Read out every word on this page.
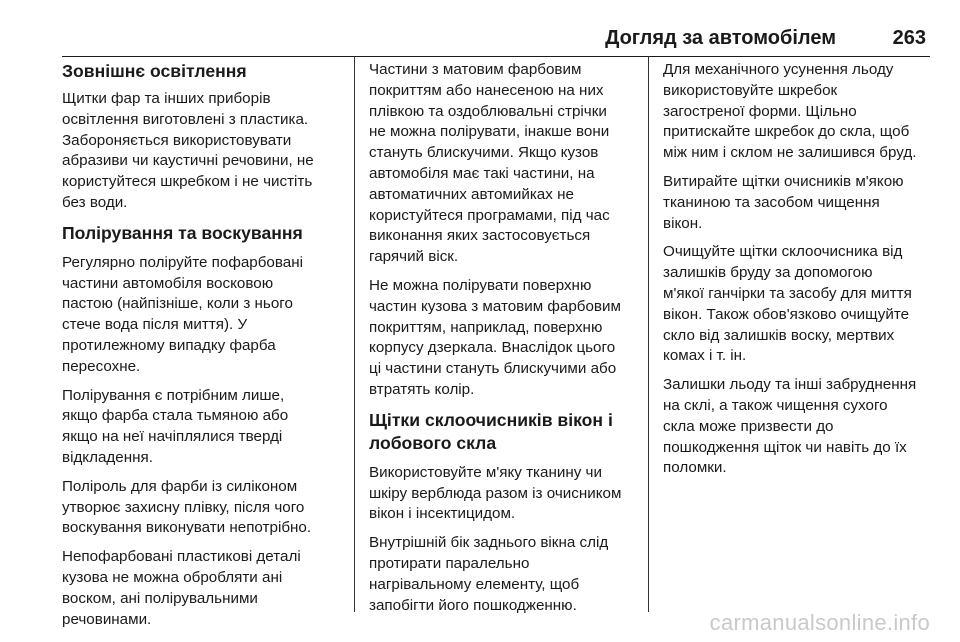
Догляд за автомобілем	263
Зовнішнє освітлення

Щитки фар та інших приборів
освітлення виготовлені з пластика.
Забороняється використовувати
абразиви чи каустичні речовини, не
користуйтеся шкребком і не чистіть
без води.

Полірування та воскування

Регулярно поліруйте пофарбовані
частини автомобіля восковою
пастою (найпізніше, коли з нього
стече вода після миття). У
протилежному випадку фарба
пересохне.

Полірування є потрібним лише,
якщо фарба стала тьмяною або
якщо на неї начіплялися тверді
відкладення.

Поліроль для фарби із силіконом
утворює захисну плівку, після чого
воскування виконувати непотрібно.

Непофарбовані пластикові деталі
кузова не можна обробляти ані
воском, ані полірувальними
речовинами.

Частини з матовим фарбовим
покриттям або нанесеною на них
плівкою та оздоблювальні стрічки
не можна полірувати, інакше вони
стануть блискучими. Якщо кузов
автомобіля має такі частини, на
автоматичних автомийках не
користуйтеся програмами, під час
виконання яких застосовується
гарячий віск.

Не можна полірувати поверхню
частин кузова з матовим фарбовим
покриттям, наприклад, поверхню
корпусу дзеркала. Внаслідок цього
ці частини стануть блискучими або
втратять колір.

Щітки склоочисників вікон і
лобового скла

Використовуйте м'яку тканину чи
шкіру верблюда разом із очисником
вікон і інсектицидом.

Внутрішній бік заднього вікна слід
протирати паралельно
нагрівальному елементу, щоб
запобігти його пошкодженню.

Для механічного усунення льоду
використовуйте шкребок
загостреної форми. Щільно
притискайте шкребок до скла, щоб
між ним і склом не залишився бруд.

Витирайте щітки очисників м'якою
тканиною та засобом чищення
вікон.

Очищуйте щітки склоочисника від
залишків бруду за допомогою
м'якої ганчірки та засобу для миття
вікон. Також обов'язково очищуйте
скло від залишків воску, мертвих
комах і т. ін.

Залишки льоду та інші забруднення
на склі, а також чищення сухого
скла може призвести до
пошкодження щіток чи навіть до їх
поломки.

carmanualsonline.info
